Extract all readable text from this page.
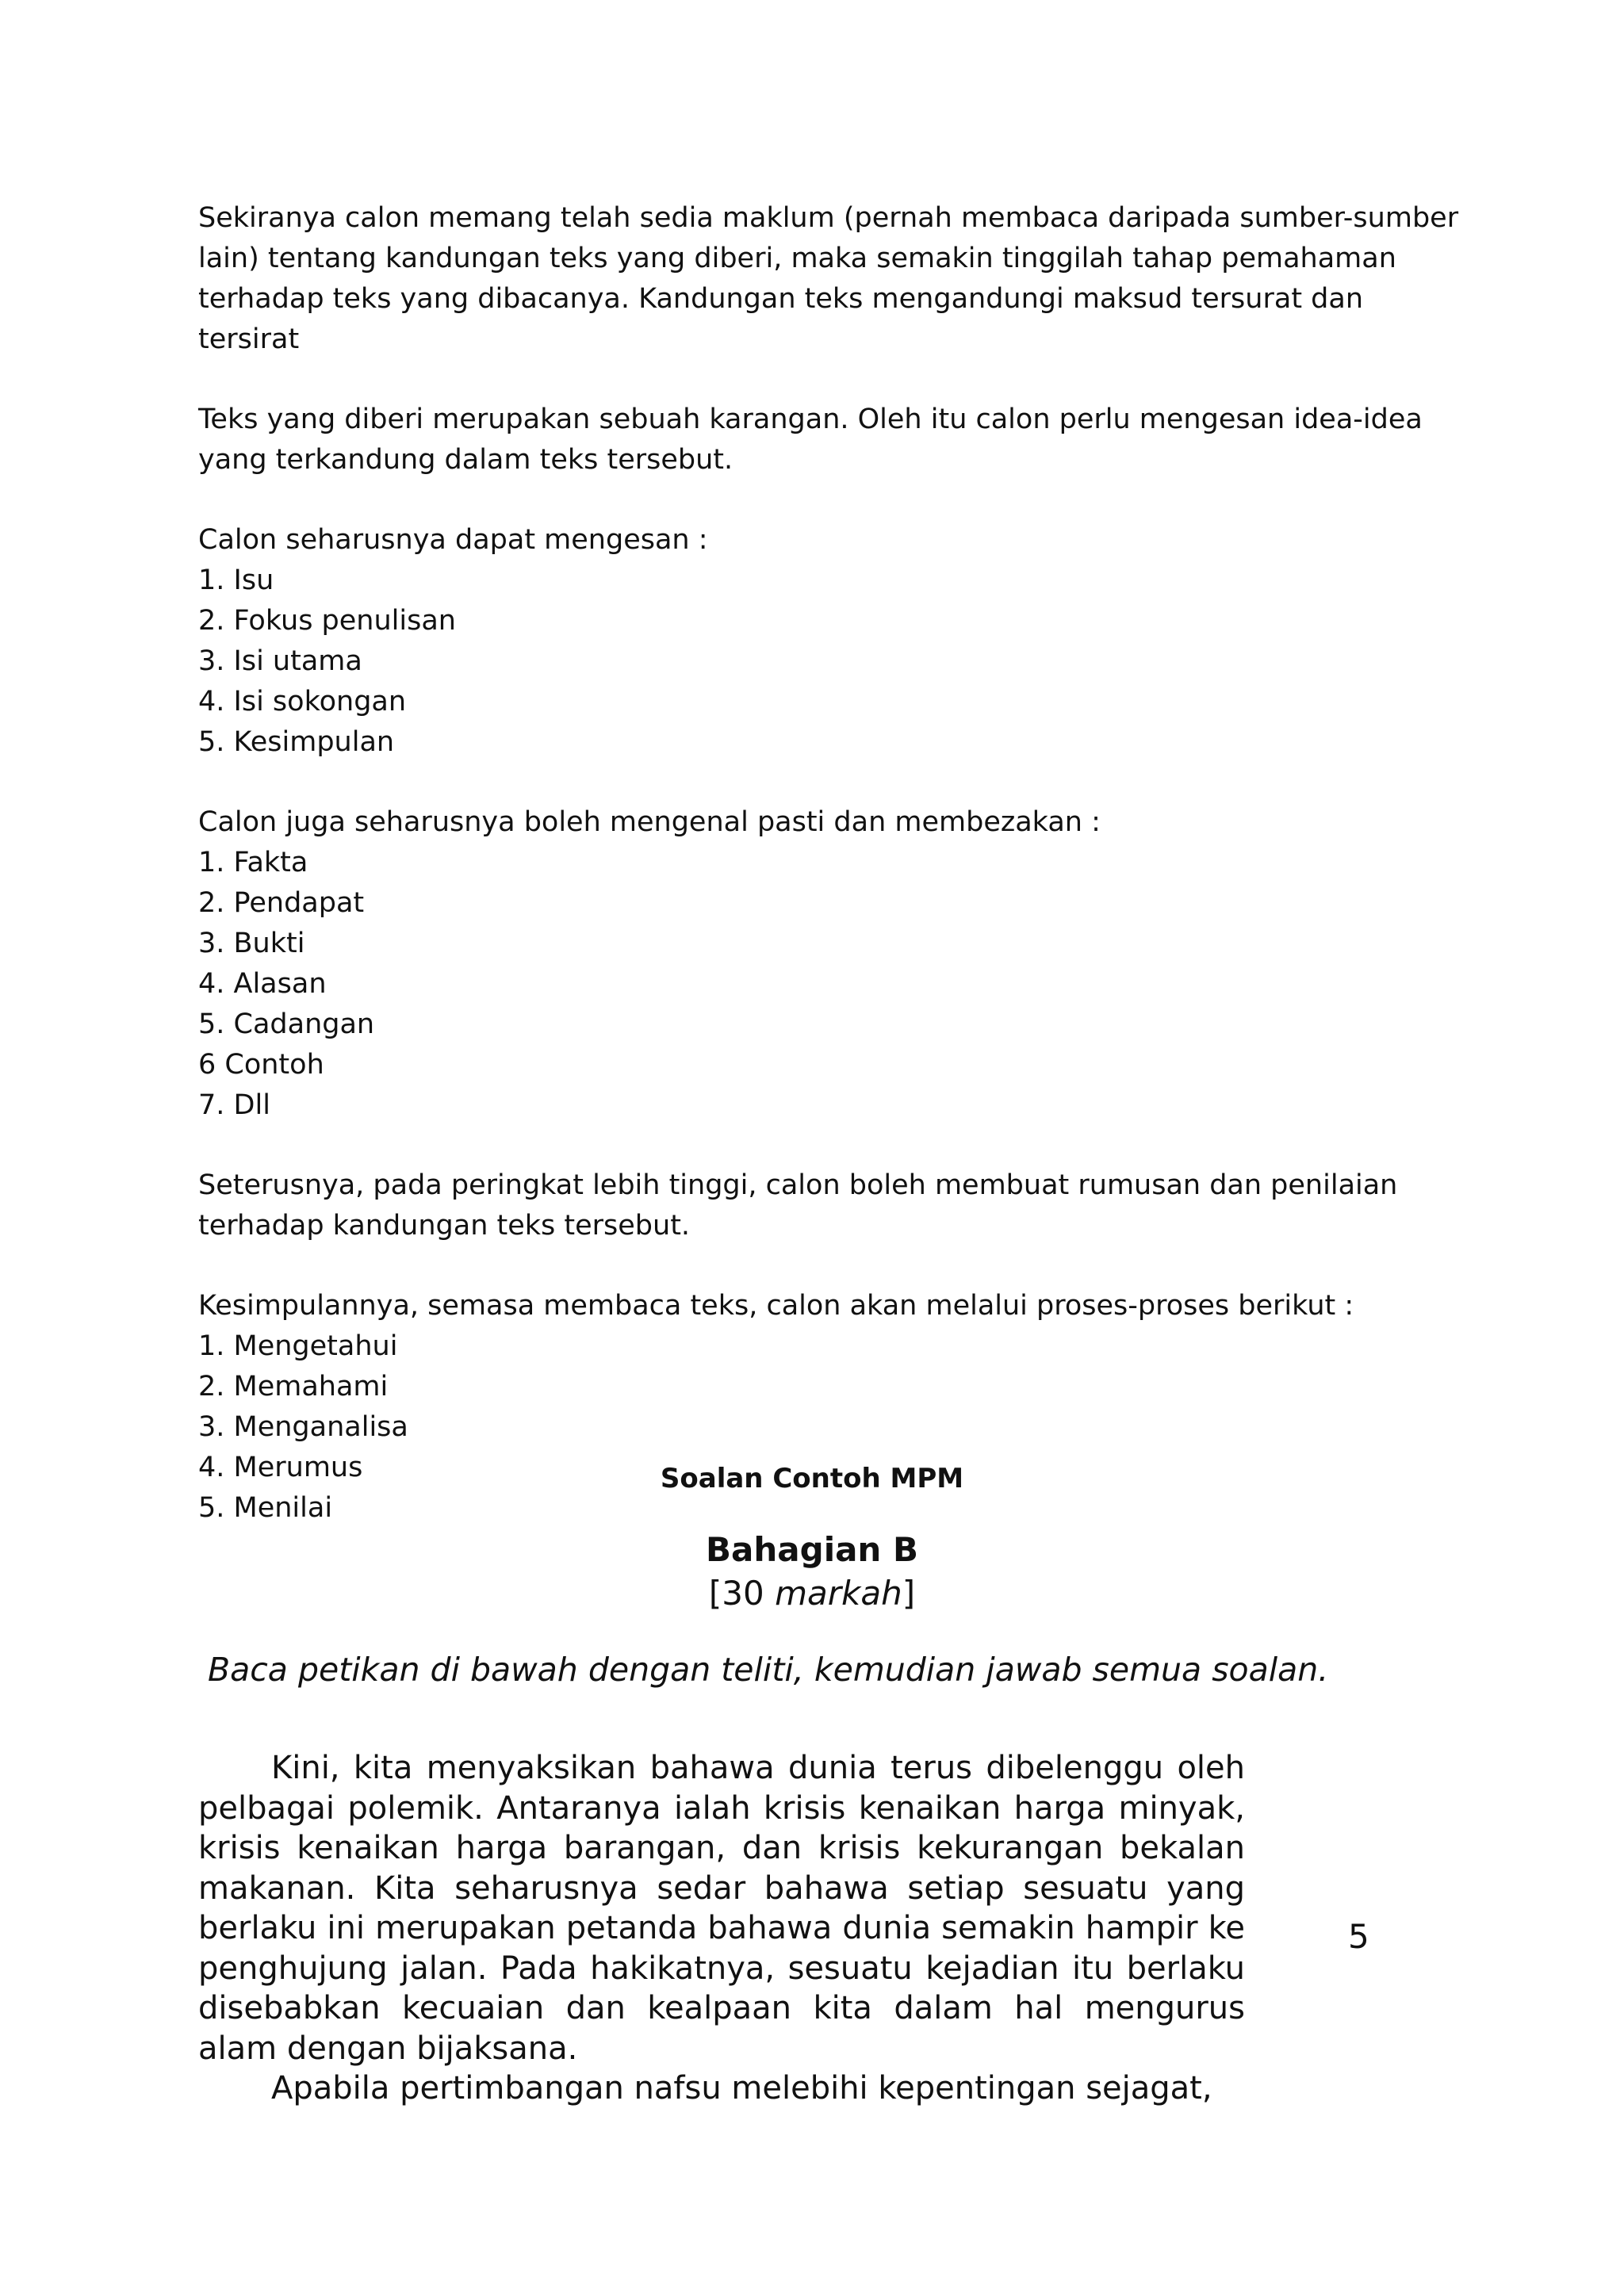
Sekiranya calon memang telah sedia maklum (pernah membaca daripada sumber-sumber lain) tentang kandungan teks yang diberi, maka semakin tinggilah tahap pemahaman terhadap teks yang dibacanya. Kandungan teks mengandungi maksud tersurat dan tersirat

Teks yang diberi merupakan sebuah karangan. Oleh itu calon perlu mengesan idea-idea yang terkandung dalam teks tersebut.

Calon seharusnya dapat mengesan :

1. Isu
2. Fokus penulisan
3. Isi utama
4. Isi sokongan
5. Kesimpulan

Calon juga seharusnya boleh mengenal pasti dan membezakan :

1. Fakta
2. Pendapat
3. Bukti
4. Alasan
5. Cadangan
6 Contoh
7. Dll

Seterusnya, pada peringkat lebih tinggi, calon boleh membuat rumusan dan penilaian terhadap kandungan teks tersebut.

Kesimpulannya, semasa membaca teks, calon akan melalui proses-proses berikut :

1. Mengetahui
2. Memahami
3. Menganalisa
4. Merumus
5. Menilai
Soalan Contoh MPM
Bahagian B
[30 markah]
Baca petikan di bawah dengan teliti, kemudian jawab semua soalan.

Kini, kita menyaksikan bahawa dunia terus dibelenggu oleh pelbagai polemik. Antaranya ialah krisis kenaikan harga minyak, krisis kenaikan harga barangan, dan krisis kekurangan bekalan makanan. Kita seharusnya sedar bahawa setiap sesuatu yang berlaku ini merupakan petanda bahawa dunia semakin hampir ke penghujung jalan. Pada hakikatnya, sesuatu kejadian itu berlaku disebabkan kecuaian dan kealpaan kita dalam hal mengurus alam dengan bijaksana.

Apabila pertimbangan nafsu melebihi kepentingan sejagat,

5
